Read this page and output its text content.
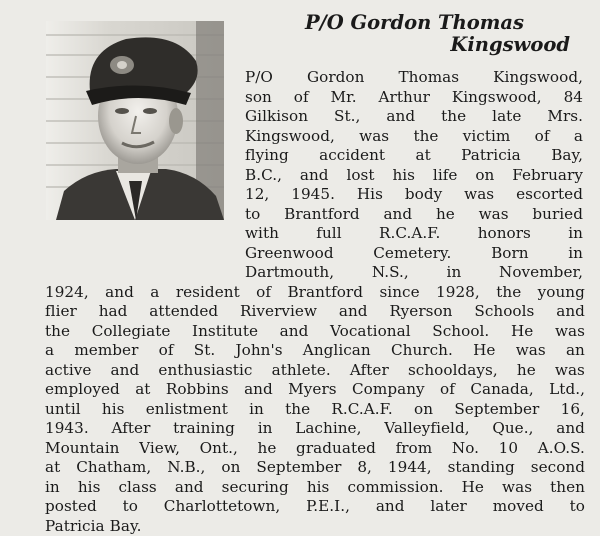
P/O Gordon Thomas
Kingswood
P/O Gordon Thomas Kingswood,
son of Mr. Arthur Kingswood, 84
Gilkison St., and the late Mrs.
Kingswood, was the victim of a
flying accident at Patricia Bay,
B.C., and lost his life on February
12, 1945. His body was escorted
to Brantford and he was buried
with full R.C.A.F. honors in
Greenwood	Cemetery.	Born	in
Dartmouth, N.S., in November,
1924, and a resident of Brantford since 1928, the young
flier had attended Riverview and Ryerson Schools and
the Collegiate Institute and Vocational School. He was
a member of St. John's Anglican Church. He was an
active and enthusiastic athlete. After schooldays, he was
employed at Robbins and Myers Company of Canada, Ltd.,
until his enlistment in the R.C.A.F. on September 16,
1943. After training in Lachine, Valleyfield, Que., and
Mountain View, Ont., he graduated from No. 10 A.O.S.
at Chatham, N.B., on September 8, 1944, standing second
in his class and securing his commission. He was then
posted to Charlottetown, P.E.I., and later moved to
Patricia Bay.
